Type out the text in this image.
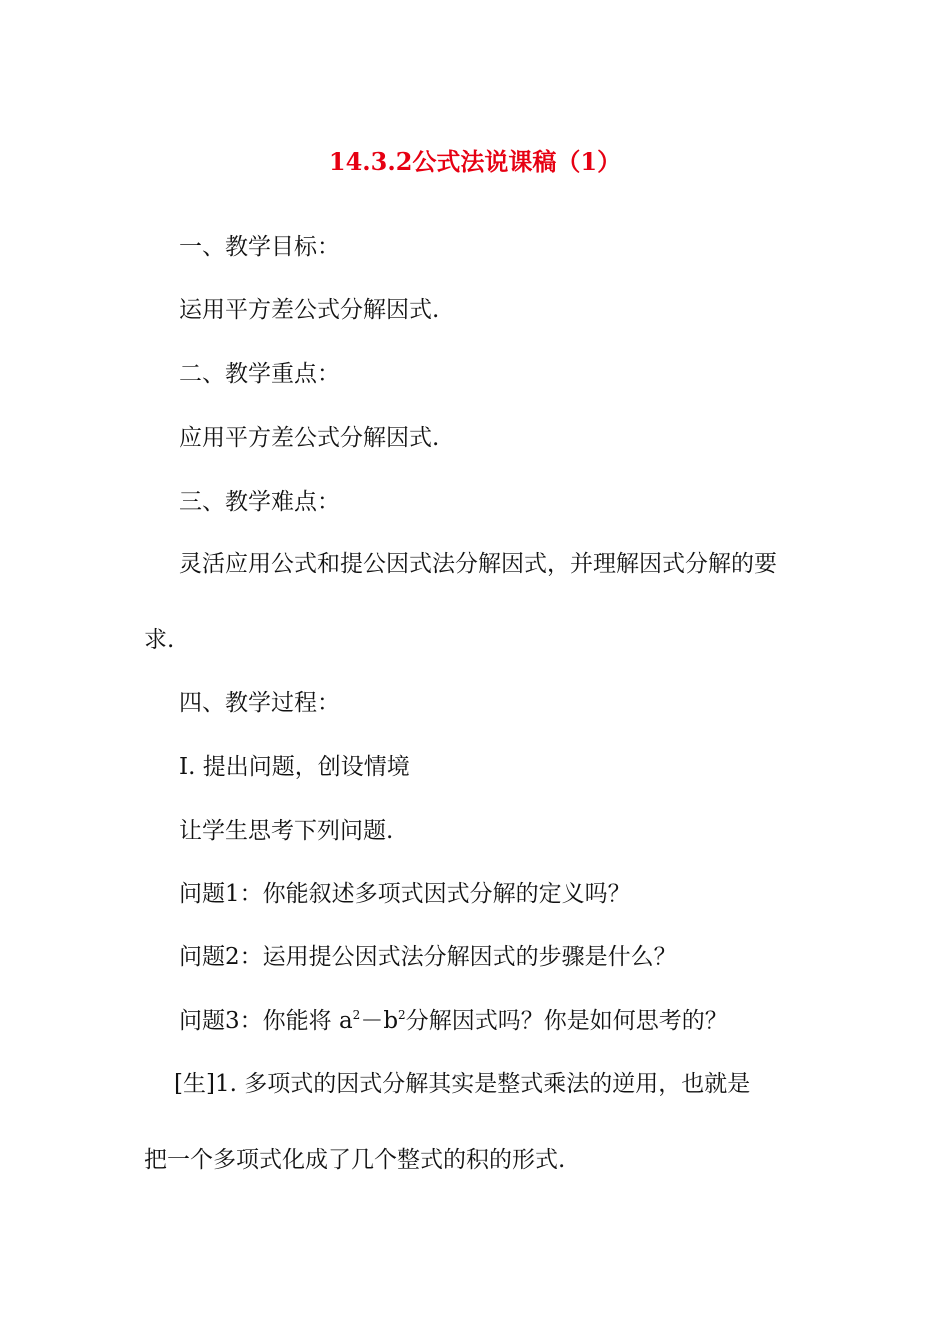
14.3.2公式法说课稿（1）
一、教学目标：
运用平方差公式分解因式.
二、教学重点：
应用平方差公式分解因式.
三、教学难点：
灵活应用公式和提公因式法分解因式，并理解因式分解的要
求.
四、教学过程：
Ⅰ. 提出问题，创设情境
让学生思考下列问题.
问题1：你能叙述多项式因式分解的定义吗？
问题2：运用提公因式法分解因式的步骤是什么？
问题3：你能将 $a^2-b^2$分解因式吗？你是如何思考的？
[生]1. 多项式的因式分解其实是整式乘法的逆用，也就是
把一个多项式化成了几个整式的积的形式.
